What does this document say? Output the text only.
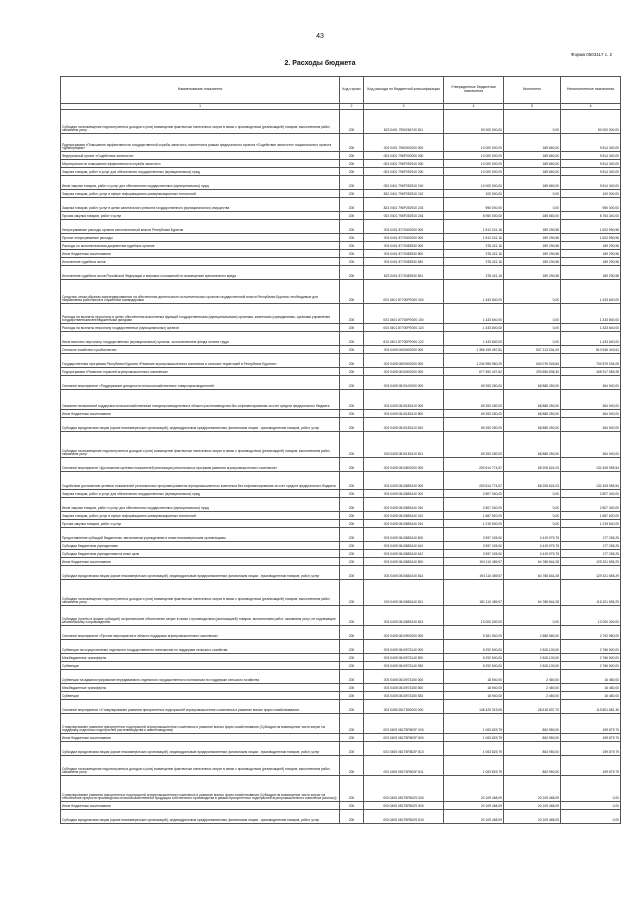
43
Форма 0503117 с. 2
2. Расходы бюджета
Наименование показателя	Код строки	Код расхода по бюджетной классификации	Утвержденные бюджетные назначения	Исполнено	Неисполненные назначения
1	2	3	4	5	6
Субсидии на возмещение недополученных доходов и (или) возмещение фактически понесенных затрат в связи с производством (реализацией) товаров, выполнением работ, оказанием услуг	200	823 0401 7950284740 811	50 000 000,00	0,00	50 000 000,00
Подпрограмма «Повышение эффективности государственной службы занятости, населения в рамках федерального проекта «Содействие занятости» национального проекта «Демография»	200	003 0401 7960000000 000	10 000 000,00	185 660,00	9 814 340,00
Федеральный проект «Содействие занятости»	200	003 0401 796P200000 000	10 000 000,00	185 660,00	9 814 340,00
Мероприятия по повышению эффективности службы занятости	200	003 0401 796P252910 000	10 000 000,00	185 660,00	9 814 340,00
Закупка товаров, работ и услуг для обеспечения государственных (муниципальных) нужд	200	003 0401 796P252910 200	10 000 000,00	185 660,00	9 814 340,00
Иные закупки товаров, работ и услуг для обеспечения государственных (муниципальных) нужд	200	003 0401 796P252910 240	10 000 000,00	185 660,00	9 814 340,00
Закупка товаров, работ, услуг в сфере информационно-коммуникационных технологий	200	832 0401 796P252910 242	100 000,00	0,00	100 000,00
Закупка товаров, работ, услуг в целях капитального ремонта государственного (муниципального) имущества	200	823 0401 796P252910 243	950 000,00	0,00	950 000,00
Прочая закупка товаров, работ и услуг	200	003 0401 796P252910 244	8 950 000,00	185 660,00	8 764 340,00
Непрограммные расходы органов исполнительной власти Республики Бурятия	200	003 0401 8770000000 000	1 812 241,16	189 290,58	1 622 950,58
Прочие непрограммные расходы	200	003 0401 8770000000 000	1 812 241,16	189 290,58	1 622 950,58
Расходы по исполнительным документам судебных органов	200	003 0401 8770083930 000	378 421,16	189 290,58	189 290,58
Иные бюджетные ассигнования	200	003 0401 8770083930 800	378 421,16	189 290,58	189 290,58
Исполнение судебных актов	200	003 0401 8770083930 830	378 421,16	189 230,58	189 290,58
Исполнение судебных актов Российской Федерации и мировых соглашений по возмещению причиненного вреда	200	823 0401 8770083930 831	378 421,16	189 290,58	189 290,58
Средства, иным образом зарезервированные на обеспечение деятельности исполнительных органов государственной власти Республики Бурятия, необходимые для направления работников в служебные командировки	200	003 0401 87700PE000 000	1 433 840,00	0,00	1 433 840,00
Расходы на выплаты персоналу в целях обеспечения выполнения функций государственными (муниципальными) органами, казенными учреждениями, органами управления государственными внебюджетными фондами	200	003 0401 87700PE000 100	1 433 840,00	0,00	1 433 840,00
Расходы на выплаты персоналу государственных (муниципальных) органов	200	003 0401 87700PE000 120	1 433 840,00	0,00	1 433 840,00
Иные выплаты персоналу государственных (муниципальных) органов, за исключением фонда оплаты труда	200	810 0401 87700PE000 122	1 433 840,00	0,00	1 433 840,00
Сельское хозяйство и рыболовство	200	003 0405 0000000000 000	1 356 159 457,81	547 213 034,20	810 946 343,61
Государственная программа Республики Бурятия «Развитие агропромышленного комплекса и сельских территорий в Республике Бурятия»	200	003 0405 0800000000 000	1 244 955 960,29	540 076 926,84	704 879 034,05
Подпрограмма «Развитие отраслей агропромышленного комплекса»	200	003 0405 0810000000 000	677 592 427,62	293 655 838,30	408 917 589,28
Основное мероприятие «Поддержание доходности сельскохозяйственных товаропроизводителей»	200	003 0405 0810100000 000	69 253 250,00	68 888 250,00	364 940,00
Оказание несвязанной поддержки сельскохозяйственным товаропроизводителям в области растениеводства без софинансирования за счет средств федерального бюджета	200	003 0405 0810182410 000	69 253 250,00	68 888 250,00	364 940,00
Иные бюджетные ассигнования	200	003 0405 0810182410 800	69 253 250,00	68 888 250,00	364 940,00
Субсидии юридическим лицам (кроме некоммерческих организаций), индивидуальным предпринимателям, физическим лицам - производителям товаров, работ, услуг	200	003 0405 0810182410 810	69 253 250,00	68 888 250,00	364 940,00
Субсидии на возмещение недополученных доходов и (или) возмещение фактически понесенных затрат в связи с производством (реализацией) товаров, выполнением работ, оказанием услуг	200	003 0405 0810182410 811	69 253 250,00	68 888 250,00	364 940,00
Основное мероприятие «Достижение целевых показателей реализации региональных программ развития агропромышленного комплекса»	200	003 0405 0810800000 000	200 614 774,57	68 208 624,03	132 405 955,54
Содействие достижению целевых показателей региональных программ развития агропромышленного комплекса без софинансирования за счет средств федерального бюджета	200	003 0405 0810882440 000	200 614 774,57	68 208 624,03	132 405 955,54
Закупка товаров, работ и услуг для обеспечения государственных (муниципальных) нужд	200	003 0405 0810882440 200	2 807 340,00	0,00	2 807 340,00
Иные закупки товаров, работ и услуг для обеспечения государственных (муниципальных) нужд	200	003 0405 0810882440 240	2 807 340,00	0,00	2 807 340,00
Закупка товаров, работ, услуг в сфере информационно-коммуникационных технологий	200	003 0405 0810882440 242	1 687 520,00	0,00	1 687 520,00
Прочая закупка товаров, работ и услуг	200	003 0405 0810882440 244	1 219 540,00	0,00	1 219 540,00
Предоставление субсидий бюджетным, автономным учреждениям и иным некоммерческим организациям	200	003 0405 0810882440 600	3 597 245,00	3 419 979,75	177 265,25
Субсидии бюджетным учреждениям	200	003 0405 0810882440 610	3 597 245,00	3 419 979,75	177 265,25
Субсидии бюджетным учреждениям на иные цели	200	003 0405 0810882440 612	3 597 245,00	3 419 979,75	177 265,25
Иные бюджетные ассигнования	200	003 0405 0810882440 800	194 110 489,57	64 788 844,28	129 321 655,29
Субсидии юридическим лицам (кроме некоммерческих организаций), индивидуальным предпринимателям, физическим лицам - производителям товаров, работ, услуг	200	003 0405 0810882440 810	194 110 489,57	64 788 844,28	129 321 655,29
Субсидии на возмещение недополученных доходов и (или) возмещение фактически понесенных затрат в связи с производством (реализацией) товаров, выполнением работ, оказанием услуг	200	003 0405 0810882440 811	181 110 489,57	64 788 844,28	116 321 655,29
Субсидии (гранты в форме субсидий) на финансовое обеспечение затрат в связи с производством (реализацией) товаров, выполнением работ, оказанием услуг, не подлежащие казначейскому сопровождению	200	003 0405 0810882440 813	13 000 000,00	0,00	13 000 000,00
Основное мероприятие «Прочие мероприятия в области поддержки агропромышленного комплекса»	200	003 0405 0810900000 000	5 361 540,00	2 588 580,00	2 792 960,00
Субвенции на осуществление отдельного государственного полномочия по поддержке сельского хозяйства	200	003 0405 0810973140 000	5 292 600,00	2 526 100,00	2 766 500,00
Межбюджетные трансферты	200	003 0405 0810973140 500	5 292 600,00	2 526 100,00	2 766 500,00
Субвенции	200	003 0405 0810973140 530	5 292 600,00	2 526 100,00	2 766 500,00
Субвенции на администрирование передаваемого отдельного государственного полномочия по поддержке сельского хозяйства	200	003 0405 0810973150 000	18 940,00	2 460,00	16 480,00
Межбюджетные трансферты	200	003 0405 0810973150 500	18 940,00	2 460,00	16 480,00
Субвенции	200	003 0405 0810973150 530	18 940,00	2 460,00	16 480,00
Основное мероприятие «Стимулирование развития приоритетных подотраслей агропромышленного комплекса и развитие малых форм хозяйствования»	200	003 0405 081Т500000 000	148 420 319,05	28 618 637,70	119 801 681,35
Стимулирование развития приоритетных подотраслей агропромышленного комплекса и развитие малых форм хозяйствования (Субсидия на возмещение части затрат на поддержку отдельных подотраслей растениеводства и животноводства)	200	003 0405 081Т5R502F 000	1 063 829,79	863 950,00	199 879,79
Иные бюджетные ассигнования	200	003 0405 081Т5R502F 800	1 063 829,79	863 950,00	199 879,79
Субсидии юридическим лицам (кроме некоммерческих организаций), индивидуальным предпринимателям, физическим лицам - производителям товаров, работ, услуг	200	003 0405 081Т5R502F 810	1 063 829,79	863 950,00	199 879,79
Субсидии на возмещение недополученных доходов и (или) возмещение фактически понесенных затрат в связи с производством (реализацией) товаров, выполнением работ, оказанием услуг	200	003 0405 081Т5R502F 811	1 063 829,79	863 950,00	199 879,79
Стимулирование развития приоритетных подотраслей агропромышленного комплекса и развитие малых форм хозяйствования (Субсидия на возмещение части затрат на обеспечение прироста производства сельскохозяйственной продукции собственного производства в рамках приоритетных подотраслей агропромышленного комплекса (молоко))	200	003 0405 081Т5R502S 000	20 109 468,09	20 109 468,09	0,00
Иные бюджетные ассигнования	200	003 0405 081Т5R502S 800	20 109 468,09	20 109 468,09	0,00
Субсидии юридическим лицам (кроме некоммерческих организаций), индивидуальным предпринимателям, физическим лицам - производителям товаров, работ, услуг	200	003 0405 081Т5R502S 810	20 109 468,09	20 109 468,09	0,00
